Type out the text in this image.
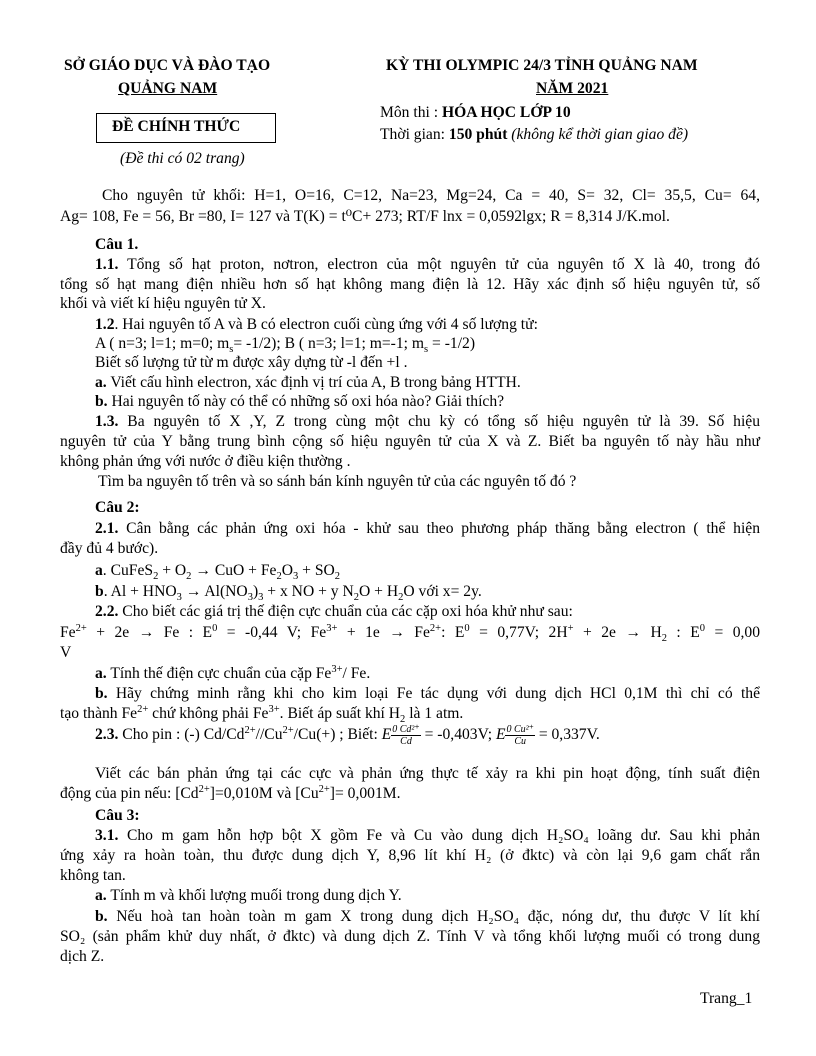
SỞ GIÁO DỤC VÀ ĐÀO TẠO
QUẢNG NAM
ĐỀ CHÍNH THỨC
(Đề thi có 02 trang)
KỲ THI OLYMPIC 24/3 TỈNH QUẢNG NAM
NĂM 2021
Môn thi : HÓA HỌC LỚP 10
Thời gian: 150 phút (không kể thời gian giao đề)
Cho nguyên tử khối: H=1, O=16, C=12, Na=23, Mg=24, Ca = 40, S= 32, Cl= 35,5, Cu= 64,
Ag= 108, Fe = 56, Br =80, I= 127 và T(K) = t⁰C+ 273; RT/F lnx = 0,0592lgx; R = 8,314 J/K.mol.
Câu 1.
1.1. Tổng số hạt proton, nơtron, electron của một nguyên tử của nguyên tố X là 40, trong đó
tổng số hạt mang điện nhiều hơn số hạt không mang điện là 12. Hãy xác định số hiệu nguyên tử, số
khối và viết kí hiệu nguyên tử X.
1.2. Hai nguyên tố A và B có electron cuối cùng ứng với 4 số lượng tử:
A ( n=3; l=1; m=0; $m_s= -1/2$); B ( n=3; l=1; m=-1; $m_s = -1/2$)
Biết số lượng tử từ m được xây dựng từ -l đến +l .
a. Viết cấu hình electron, xác định vị trí của A, B trong bảng HTTH.
b. Hai nguyên tố này có thể có những số oxi hóa nào? Giải thích?
1.3. Ba nguyên tố X ,Y, Z trong cùng một chu kỳ có tổng số hiệu nguyên tử là 39. Số hiệu
nguyên tử của Y bằng trung bình cộng số hiệu nguyên tử của X và Z. Biết ba nguyên tố này hầu như
không phản ứng với nước ở điều kiện thường .
Tìm ba nguyên tố trên và so sánh bán kính nguyên tử của các nguyên tố đó ?
Câu 2:
2.1. Cân bằng các phản ứng oxi hóa - khử sau theo phương pháp thăng bằng electron ( thể hiện
đầy đủ 4 bước).
a. CuFeS$_2$ + $O_2$ → CuO + $Fe_2O_3 + SO_2$
b. $Al + HNO_3 \to Al(NO_3)_3 + x$ NO + y $N_2O + H_2O$ với x= 2y.
2.2. Cho biết các giá trị thế điện cực chuẩn của các cặp oxi hóa khử như sau:
$Fe^{2+} + 2e \to Fe$ : $E^0 = -0,44$ V; $Fe^{3+} + 1e \to Fe^{2+}$: $E^0 = 0,77V$; $2H^+ + 2e \to H_2$ : $E^0 = 0,00$
V
a. Tính thế điện cực chuẩn của cặp $Fe^{3+}/$ Fe.
b. Hãy chứng minh rằng khi cho kim loại Fe tác dụng với dung dịch HCl 0,1M thì chỉ có thể
tạo thành $Fe^{2+}$ chứ không phải $Fe^{3+}$. Biết áp suất khí $H_2$ là 1 atm.
2.3. Cho pin : (-) $Cd/Cd^{2+}//Cu^{2+}/Cu(+)$ ; Biết: E $\frac{\text{0 Cd²⁺}}{Cd} = -0,403V$; E $\frac{\text{0 Cu²⁺}}{Cu} = 0,337V$.
Viết các bán phản ứng tại các cực và phản ứng thực tế xảy ra khi pin hoạt động, tính suất điện
động của pin nếu: $[Cd^{2+}]=0,010M$ và $[Cu^{2+}]= 0,001M$.
Câu 3:
3.1. Cho m gam hỗn hợp bột X gồm Fe và Cu vào dung dịch H₂SO₄ loãng dư. Sau khi phản
ứng xảy ra hoàn toàn, thu được dung dịch Y, 8,96 lít khí H₂ (ở đktc) và còn lại 9,6 gam chất rắn
không tan.
a. Tính m và khối lượng muối trong dung dịch Y.
b. Nếu hoà tan hoàn toàn m gam X trong dung dịch H₂SO₄ đặc, nóng dư, thu được V lít khí
SO₂ (sản phẩm khử duy nhất, ở đktc) và dung dịch Z. Tính V và tổng khối lượng muối có trong dung
dịch Z.
Trang_1
